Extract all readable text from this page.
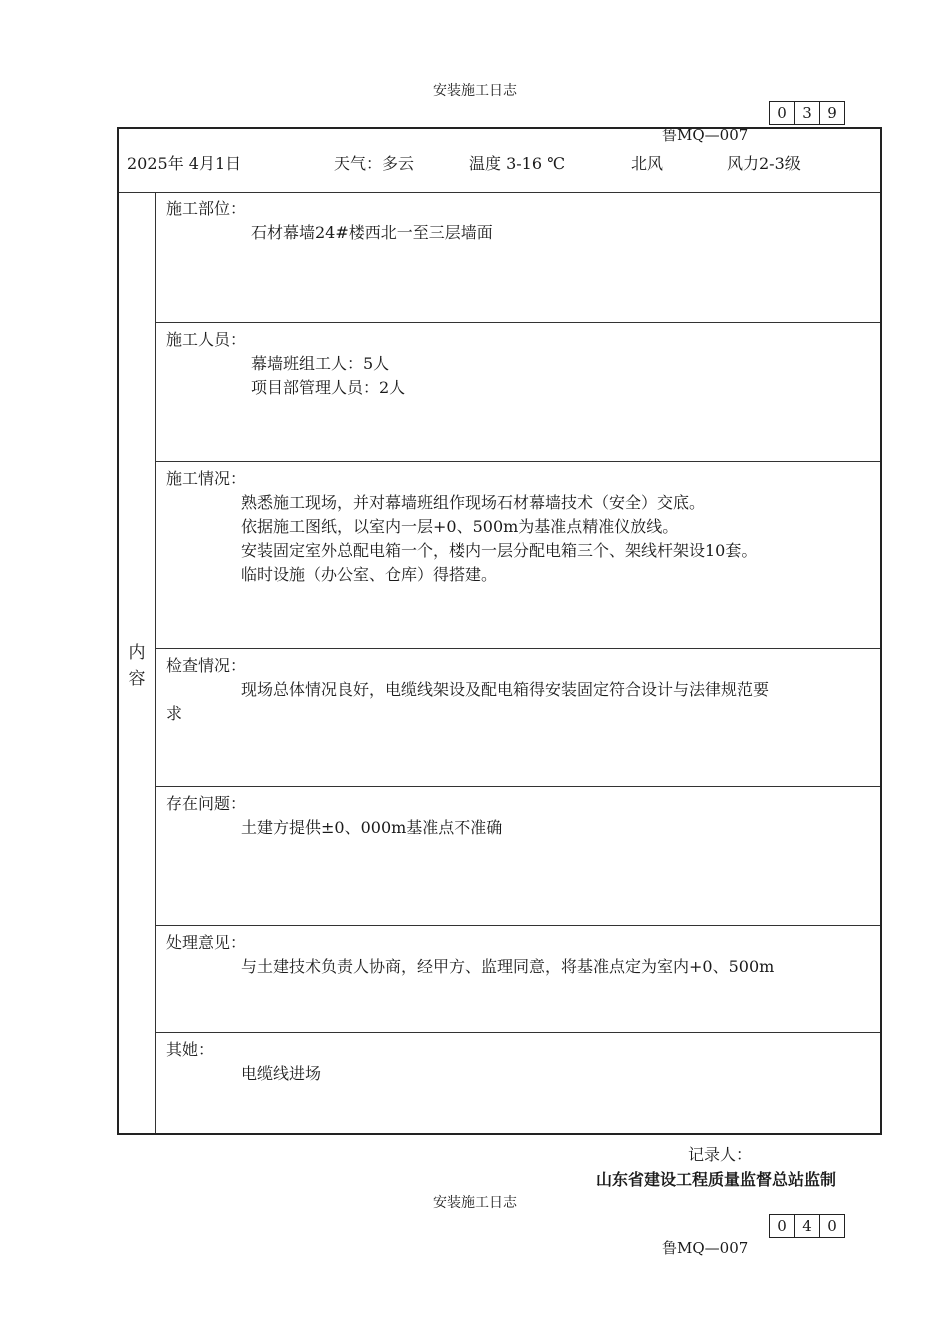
安装施工日志
0	3	9
鲁MQ—007
2025年 4月1日	天气：多云	温度 3-16 ℃	北风	风力2-3级
内
容
施工部位：
石材幕墙24#楼西北一至三层墙面
施工人员：
幕墙班组工人：5人
项目部管理人员：2人
施工情况：
熟悉施工现场，并对幕墙班组作现场石材幕墙技术（安全）交底。
依据施工图纸，以室内一层+0、500m为基准点精准仪放线。
安装固定室外总配电箱一个，楼内一层分配电箱三个、架线杆架设10套。
临时设施（办公室、仓库）得搭建。
检查情况：
现场总体情况良好，电缆线架设及配电箱得安装固定符合设计与法律规范要
求
存在问题：
土建方提供±0、000m基准点不准确
处理意见：
与土建技术负责人协商，经甲方、监理同意，将基准点定为室内+0、500m
其她：
电缆线进场
记录人：
山东省建设工程质量监督总站监制
安装施工日志
0	4	0
鲁MQ—007
